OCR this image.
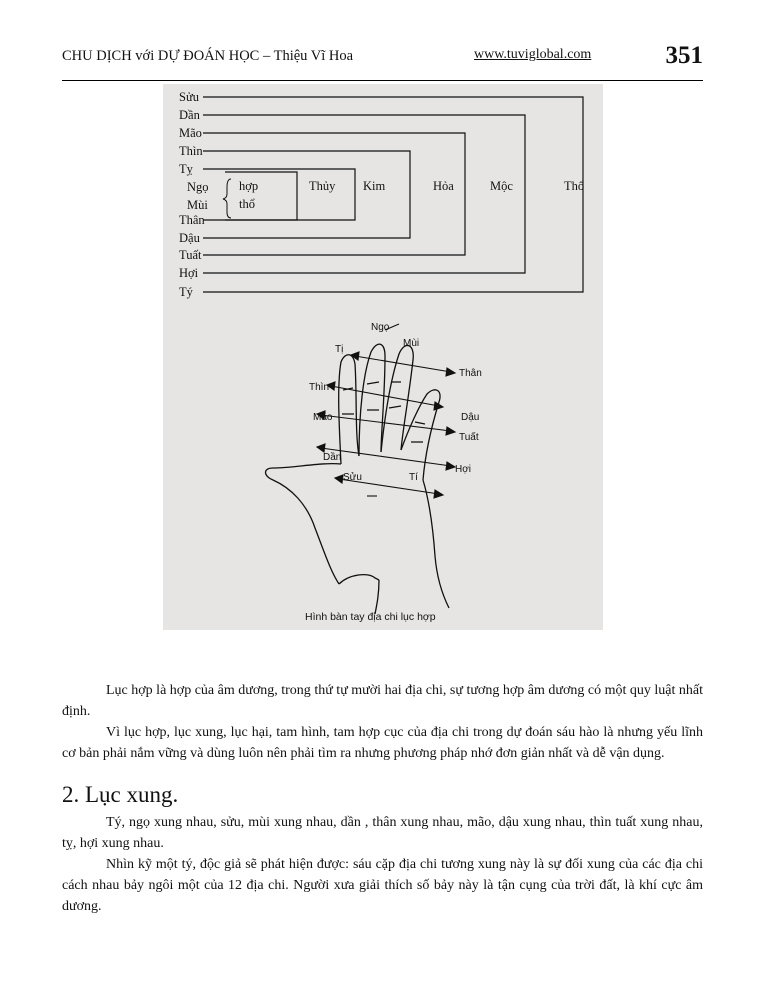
CHU DỊCH với DỰ ĐOÁN HỌC – Thiệu Vĩ Hoa	www.tuviglobal.com	351
Sửu
Dần
Mão
Thìn
Tỵ
Ngọ
Mùi
Thân
Dậu
Tuất
Hợi
Tý
hợp
thổ
Thủy Kim	Hỏa	Mộc	Thổ
Ngọ
Mùi
Tị
Thân
Thìn
Dậu
Mão
Tuất
Dần
Hợi
Sửu	Tí
Hình bàn tay địa chi lục hợp

Lục hợp là hợp của âm dương, trong thứ tự mười hai địa chi, sự tương hợp âm dương có một quy luật nhất định.

Vì lục hợp, lục xung, lục hại, tam hình, tam hợp cục của địa chi trong dự đoán sáu hào là nhưng yếu lĩnh cơ bản phải nắm vững và dùng luôn nên phải tìm ra nhưng phương pháp nhớ đơn giản nhất và dễ vận dụng.

2. Lục xung.

Tý, ngọ xung nhau, sửu, mùi xung nhau, dần , thân xung nhau, mão, dậu xung nhau, thìn tuất xung nhau, tỵ, hợi xung nhau.

Nhìn kỹ một tý, độc giả sẽ phát hiện được: sáu cặp địa chi tương xung này là sự đối xung của các địa chi cách nhau bảy ngôi một của 12 địa chi. Người xưa giải thích số bảy này là tận cụng của trời đất, là khí cực âm dương.
